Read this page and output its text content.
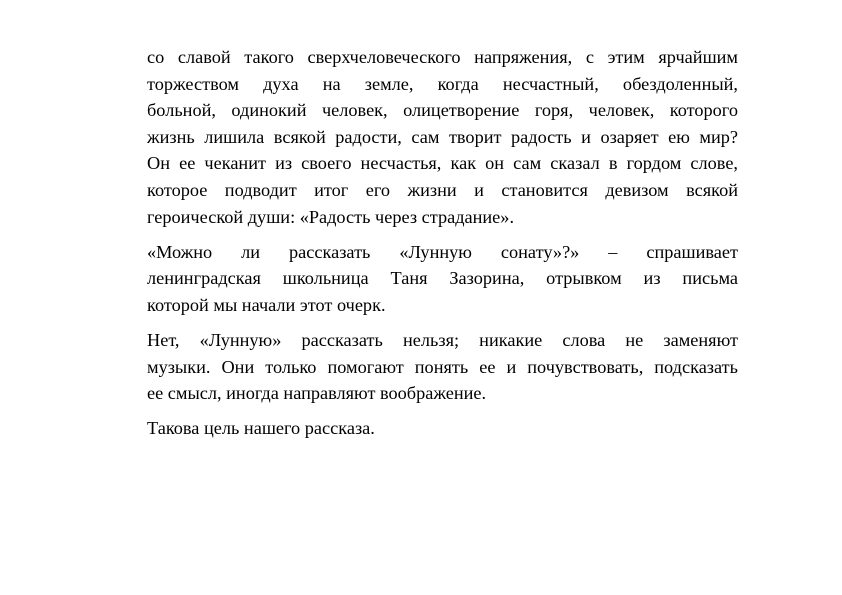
со славой такого сверхчеловеческого напряжения, с этим ярчайшим
торжеством духа на земле, когда несчастный, обездоленный,
больной, одинокий человек, олицетворение горя, человек, которого
жизнь лишила всякой радости, сам творит радость и озаряет ею мир?
Он ее чеканит из своего несчастья, как он сам сказал в гордом слове,
которое подводит итог его жизни и становится девизом всякой
героической души: «Радость через страдание».

«Можно ли рассказать «Лунную сонату»?» – спрашивает
ленинградская школьница Таня Зазорина, отрывком из письма
которой мы начали этот очерк.

Нет, «Лунную» рассказать нельзя; никакие слова не заменяют
музыки. Они только помогают понять ее и почувствовать, подсказать
ее смысл, иногда направляют воображение.

Такова цель нашего рассказа.
